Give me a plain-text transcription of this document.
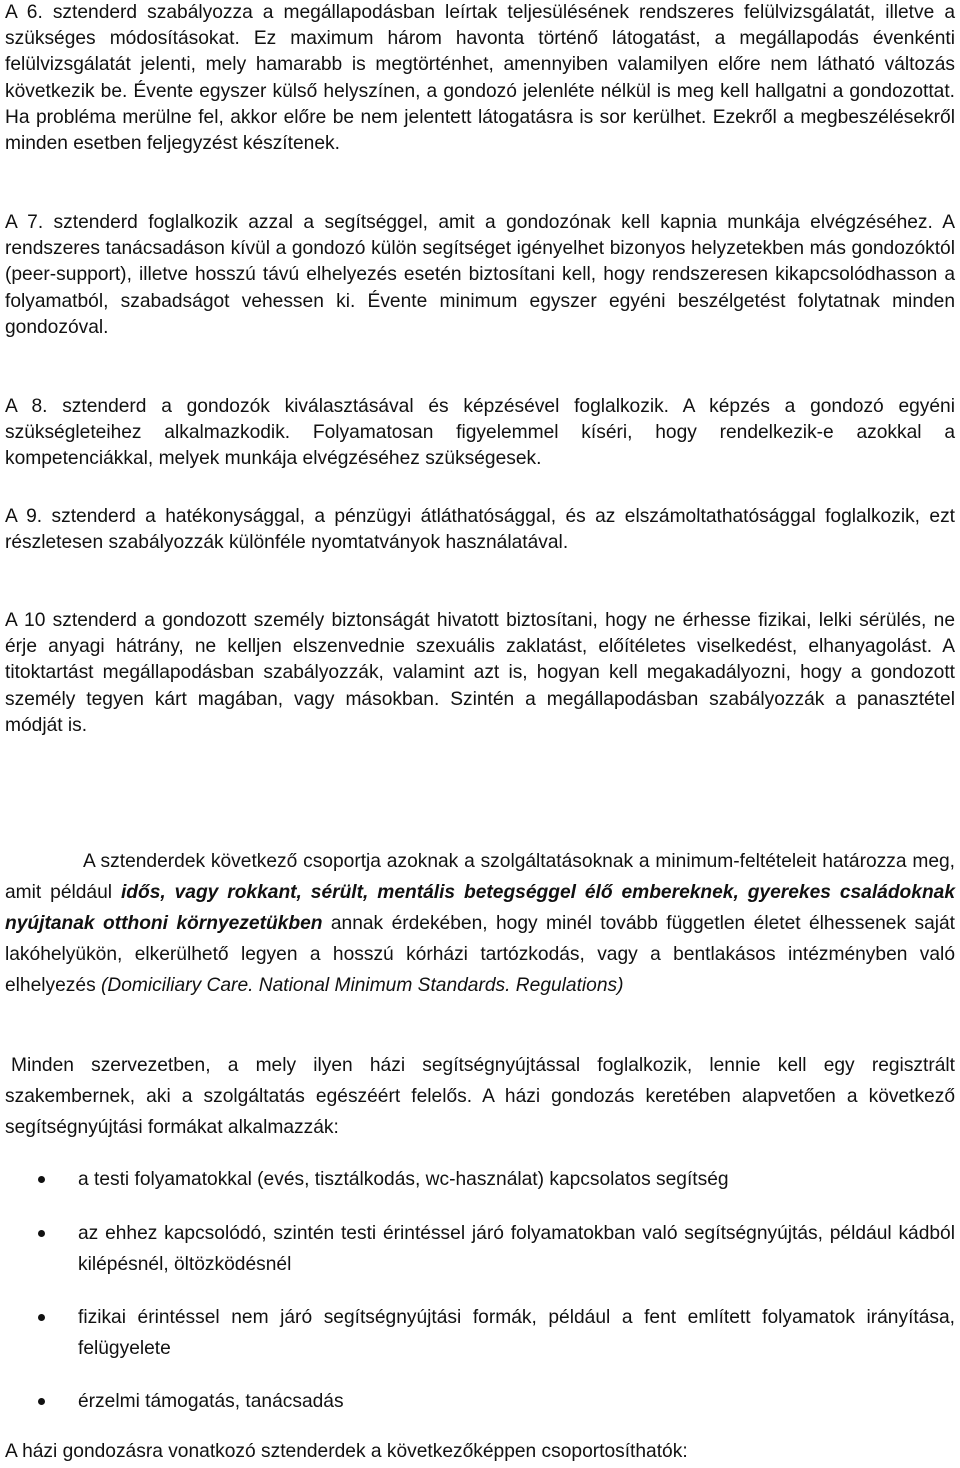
A 6. sztenderd szabályozza a megállapodásban leírtak teljesülésének rendszeres felülvizsgálatát, illetve a szükséges módosításokat. Ez maximum három havonta történő látogatást, a megállapodás évenkénti felülvizsgálatát jelenti, mely hamarabb is megtörténhet, amennyiben valamilyen előre nem látható változás következik be. Évente egyszer külső helyszínen, a gondozó jelenléte nélkül is meg kell hallgatni a gondozottat. Ha probléma merülne fel, akkor előre be nem jelentett látogatásra is sor kerülhet. Ezekről a megbeszélésekről minden esetben feljegyzést készítenek.

A 7. sztenderd foglalkozik azzal a segítséggel, amit a gondozónak kell kapnia munkája elvégzéséhez. A rendszeres tanácsadáson kívül a gondozó külön segítséget igényelhet bizonyos helyzetekben más gondozóktól (peer-support), illetve hosszú távú elhelyezés esetén biztosítani kell, hogy rendszeresen kikapcsolódhasson a folyamatból, szabadságot vehessen ki. Évente minimum egyszer egyéni beszélgetést folytatnak minden gondozóval.

A 8. sztenderd a gondozók kiválasztásával és képzésével foglalkozik. A képzés a gondozó egyéni szükségleteihez alkalmazkodik. Folyamatosan figyelemmel kíséri, hogy rendelkezik-e azokkal a kompetenciákkal, melyek munkája elvégzéséhez szükségesek.

A 9. sztenderd a hatékonysággal, a pénzügyi átláthatósággal, és az elszámoltathatósággal foglalkozik, ezt részletesen szabályozzák különféle nyomtatványok használatával.

A 10 sztenderd a gondozott személy biztonságát hivatott biztosítani, hogy ne érhesse fizikai, lelki sérülés, ne érje anyagi hátrány, ne kelljen elszenvednie szexuális zaklatást, előítéletes viselkedést, elhanyagolást. A titoktartást megállapodásban szabályozzák, valamint azt is, hogyan kell megakadályozni, hogy a gondozott személy tegyen kárt magában, vagy másokban. Szintén a megállapodásban szabályozzák a panasztétel módját is.

A sztenderdek következő csoportja azoknak a szolgáltatásoknak a minimum-feltételeit határozza meg, amit például idős, vagy rokkant, sérült, mentális betegséggel élő embereknek, gyerekes családoknak nyújtanak otthoni környezetükben annak érdekében, hogy minél tovább független életet élhessenek saját lakóhelyükön, elkerülhető legyen a hosszú kórházi tartózkodás, vagy a bentlakásos intézményben való elhelyezés (Domiciliary Care. National Minimum Standards. Regulations)

Minden szervezetben, a mely ilyen házi segítségnyújtással foglalkozik, lennie kell egy regisztrált szakembernek, aki a szolgáltatás egészéért felelős. A házi gondozás keretében alapvetően a következő segítségnyújtási formákat alkalmazzák:

a testi folyamatokkal (evés, tisztálkodás, wc-használat) kapcsolatos segítség
az ehhez kapcsolódó, szintén testi érintéssel járó folyamatokban való segítségnyújtás, például kádból kilépésnél, öltözködésnél
fizikai érintéssel nem járó segítségnyújtási formák, például a fent említett folyamatok irányítása, felügyelete
érzelmi támogatás, tanácsadás

A házi gondozásra vonatkozó sztenderdek a következőképpen csoportosíthatók:
